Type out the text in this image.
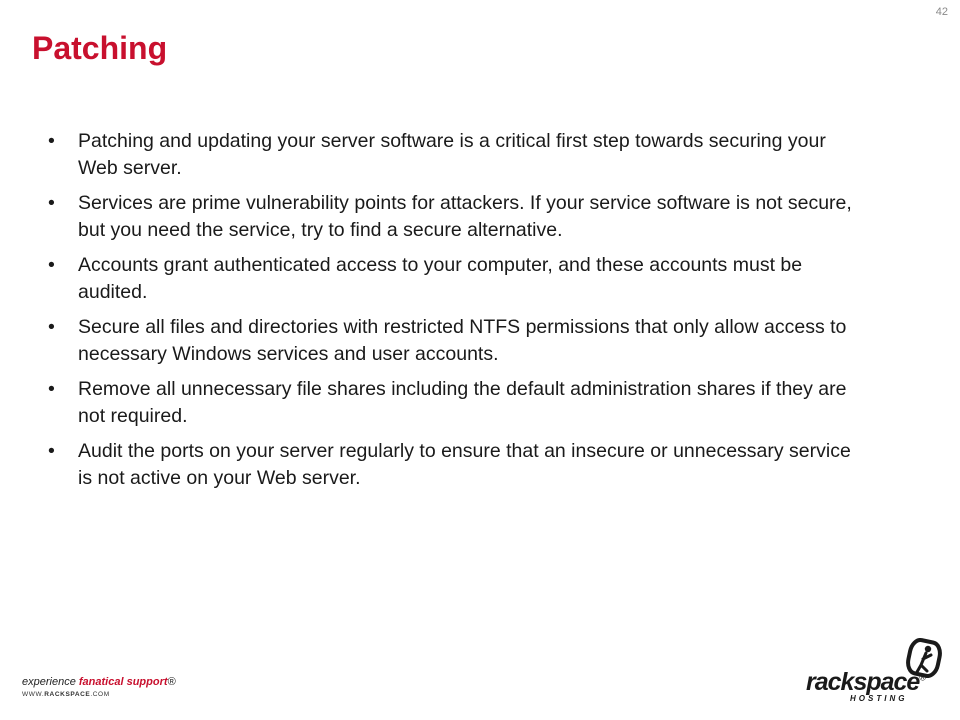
42
Patching
•	Patching and updating your server software is a critical first step towards securing your Web server.
•	Services are prime vulnerability points for attackers. If your service software is not secure, but you need the service, try to find a secure alternative.
•	Accounts grant authenticated access to your computer, and these accounts must be audited.
•	Secure all files and directories with restricted NTFS permissions that only allow access to necessary Windows services and user accounts.
•	Remove all unnecessary file shares including the default administration shares if they are not required.
•	Audit the ports on your server regularly to ensure that an insecure or unnecessary service is not active on your Web server.
experience fanatical support®
WWW.RACKSPACE.COM	rackspace®
HOSTING
